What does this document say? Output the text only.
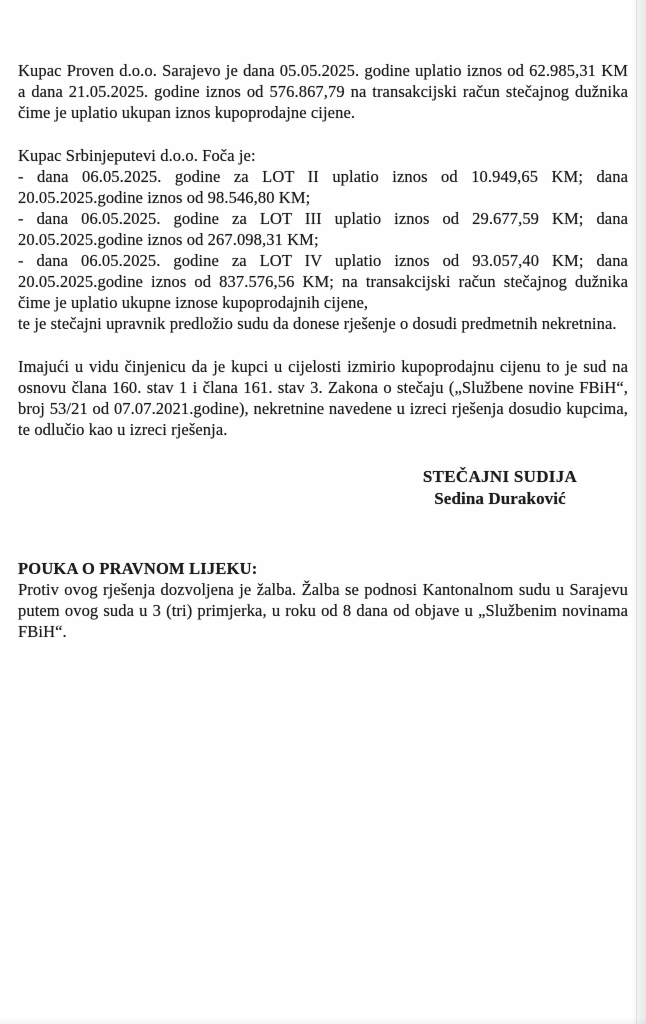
Kupac Proven d.o.o. Sarajevo je dana 05.05.2025. godine uplatio iznos od 62.985,31 KM a dana 21.05.2025. godine iznos od 576.867,79 na transakcijski račun stečajnog dužnika čime je uplatio ukupan iznos kupoprodajne cijene.

Kupac Srbinjeputevi d.o.o. Foča je:

- dana 06.05.2025. godine za LOT II uplatio iznos od 10.949,65 KM; dana 20.05.2025.godine iznos od 98.546,80 KM;

- dana 06.05.2025. godine za LOT III uplatio iznos od 29.677,59 KM; dana 20.05.2025.godine iznos od 267.098,31 KM;

- dana 06.05.2025. godine za LOT IV uplatio iznos od 93.057,40 KM; dana 20.05.2025.godine iznos od 837.576,56 KM; na transakcijski račun stečajnog dužnika čime je uplatio ukupne iznose kupoprodajnih cijene,

te je stečajni upravnik predložio sudu da donese rješenje o dosudi predmetnih nekretnina.

Imajući u vidu činjenicu da je kupci u cijelosti izmirio kupoprodajnu cijenu to je sud na osnovu člana 160. stav 1 i člana 161. stav 3. Zakona o stečaju („Službene novine FBiH“, broj 53/21 od 07.07.2021.godine), nekretnine navedene u izreci rješenja dosudio kupcima, te odlučio kao u izreci rješenja.

STEČAJNI SUDIJA
Sedina Duraković

POUKA O PRAVNOM LIJEKU:

Protiv ovog rješenja dozvoljena je žalba. Žalba se podnosi Kantonalnom sudu u Sarajevu putem ovog suda u 3 (tri) primjerka, u roku od 8 dana od objave u „Službenim novinama FBiH“.
